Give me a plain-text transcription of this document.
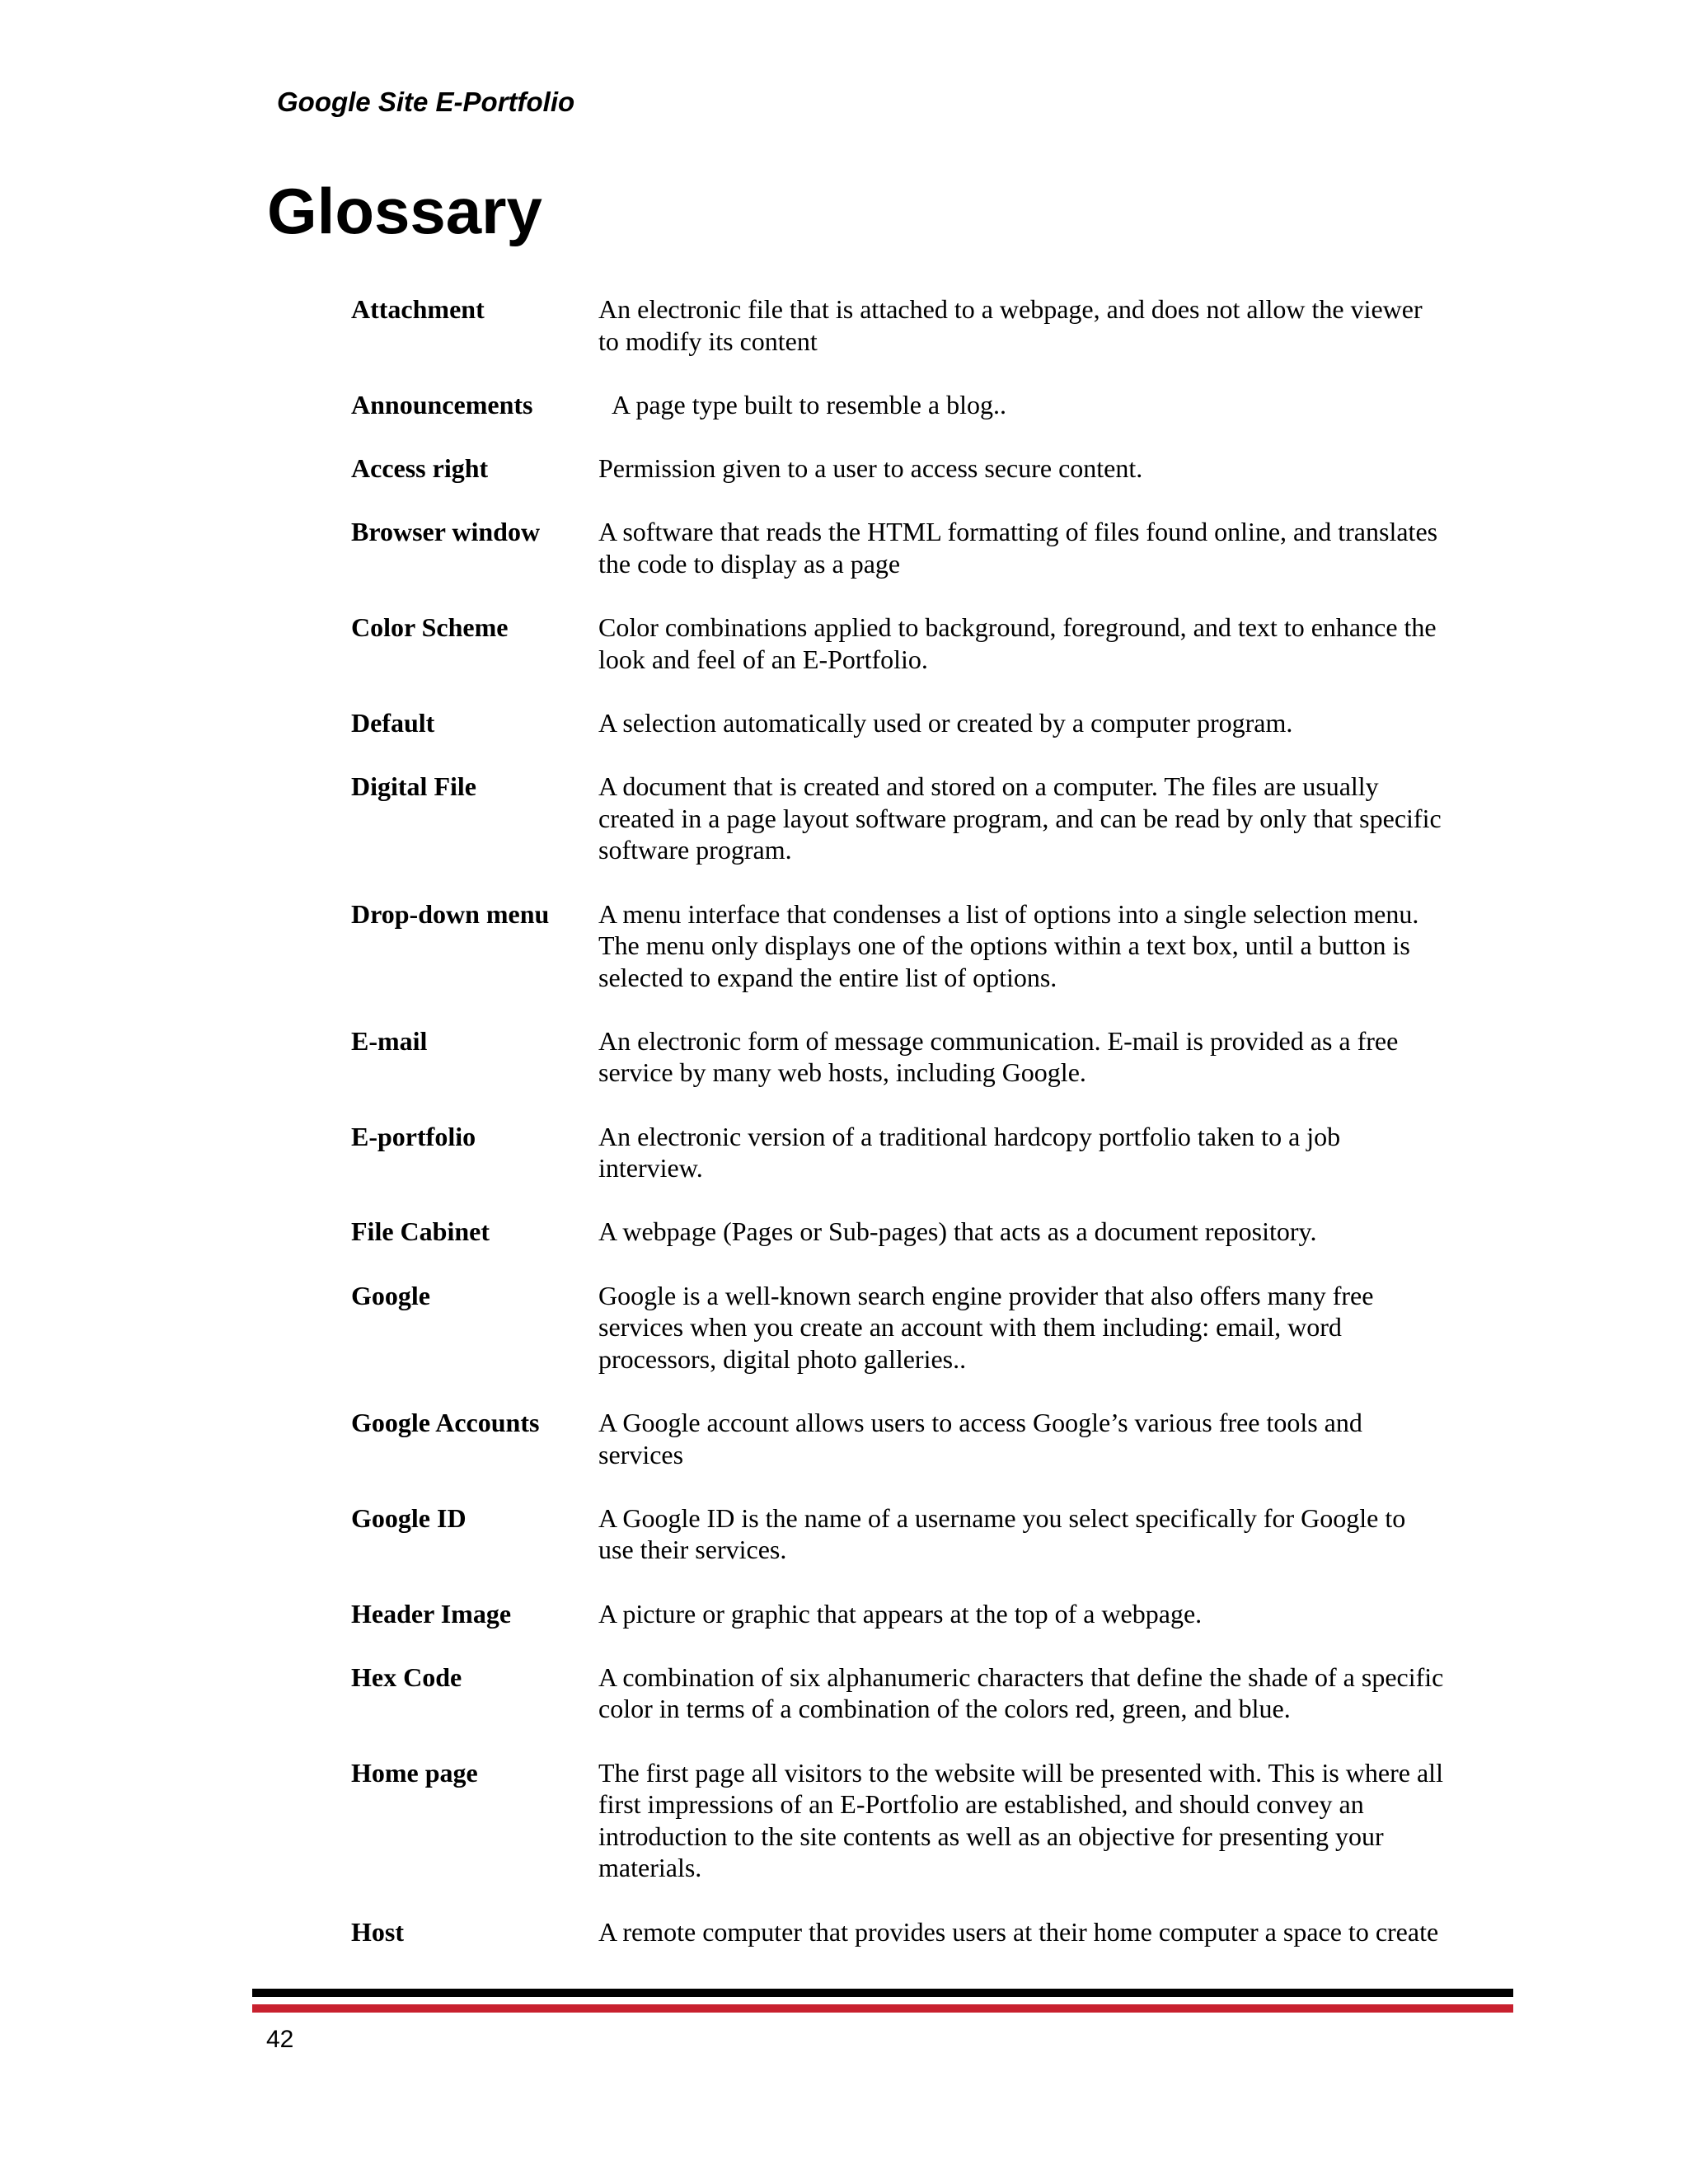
Google Site E-Portfolio
Glossary
Attachment	An electronic file that is attached to a webpage, and does not allow the viewer
to modify its content
Announcements	A page type built to resemble a blog..
Access right	Permission given to a user to access secure content.
Browser window	A software that reads the HTML formatting of files found online, and translates
the code to display as a page
Color Scheme	Color combinations applied to background, foreground, and text to enhance the
look and feel of an E-Portfolio.
Default	A selection automatically used or created by a computer program.
Digital File	A document that is created and stored on a computer. The files are usually
created in a page layout software program, and can be read by only that specific
software program.
Drop-down menu	A menu interface that condenses a list of options into a single selection menu.
The menu only displays one of the options within a text box, until a button is
selected to expand the entire list of options.
E-mail	An electronic form of message communication. E-mail is provided as a free
service by many web hosts, including Google.
E-portfolio	An electronic version of a traditional hardcopy portfolio taken to a job
interview.
File Cabinet	A webpage (Pages or Sub-pages) that acts as a document repository.
Google	Google is a well-known search engine provider that also offers many free
services when you create an account with them including: email, word
processors, digital photo galleries..
Google Accounts	A Google account allows users to access Google’s various free tools and
services
Google ID	A Google ID is the name of a username you select specifically for Google to
use their services.
Header Image	A picture or graphic that appears at the top of a webpage.
Hex Code	A combination of six alphanumeric characters that define the shade of a specific
color in terms of a combination of the colors red, green, and blue.
Home page	The first page all visitors to the website will be presented with. This is where all
first impressions of an E-Portfolio are established, and should convey an
introduction to the site contents as well as an objective for presenting your
materials.
Host	A remote computer that provides users at their home computer a space to create
42
